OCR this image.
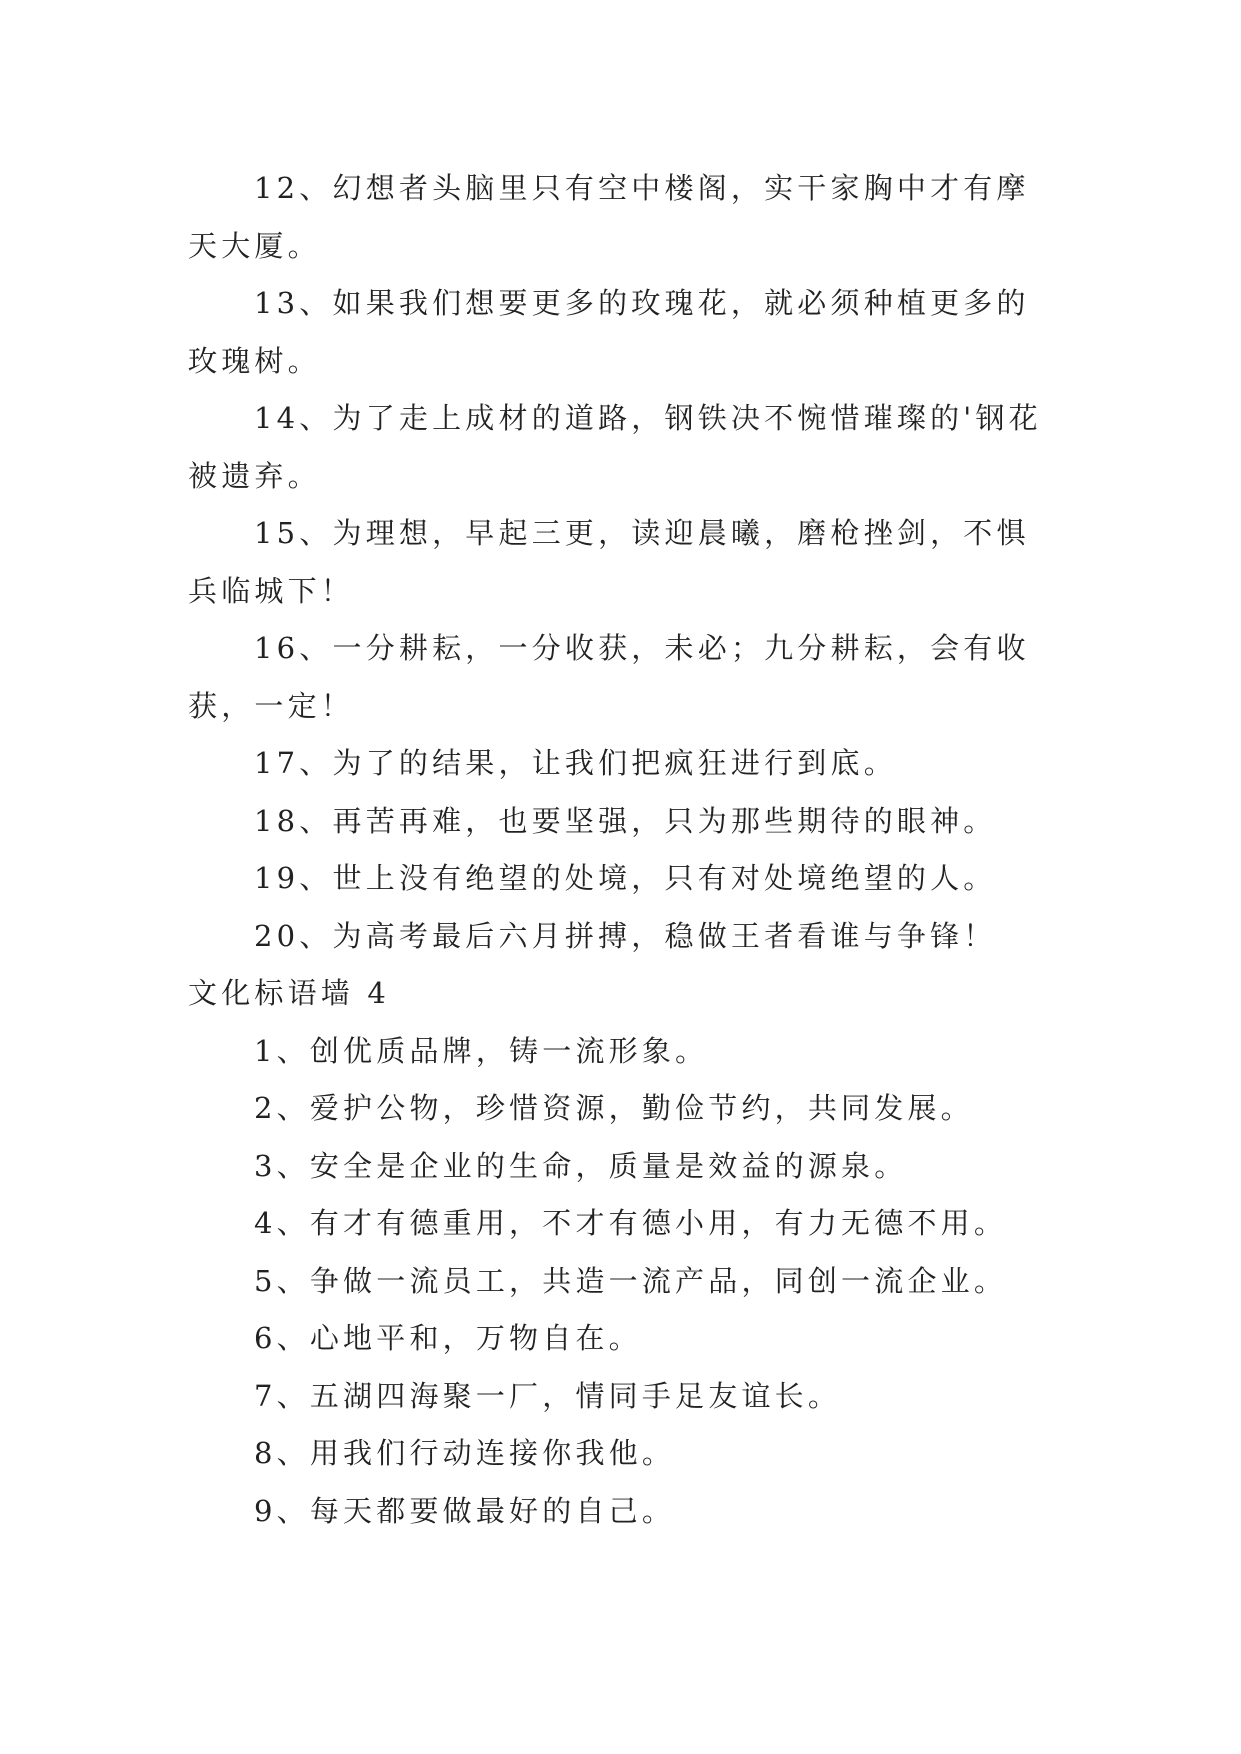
12、幻想者头脑里只有空中楼阁，实干家胸中才有摩天大厦。

13、如果我们想要更多的玫瑰花，就必须种植更多的玫瑰树。

14、为了走上成材的道路，钢铁决不惋惜璀璨的'钢花被遗弃。

15、为理想，早起三更，读迎晨曦，磨枪挫剑，不惧兵临城下！

16、一分耕耘，一分收获，未必；九分耕耘，会有收获，一定！

17、为了的结果，让我们把疯狂进行到底。

18、再苦再难，也要坚强，只为那些期待的眼神。

19、世上没有绝望的处境，只有对处境绝望的人。

20、为高考最后六月拼搏，稳做王者看谁与争锋！

文化标语墙 4

1、创优质品牌，铸一流形象。

2、爱护公物，珍惜资源，勤俭节约，共同发展。

3、安全是企业的生命，质量是效益的源泉。

4、有才有德重用，不才有德小用，有力无德不用。

5、争做一流员工，共造一流产品，同创一流企业。

6、心地平和，万物自在。

7、五湖四海聚一厂，情同手足友谊长。

8、用我们行动连接你我他。

9、每天都要做最好的自己。
